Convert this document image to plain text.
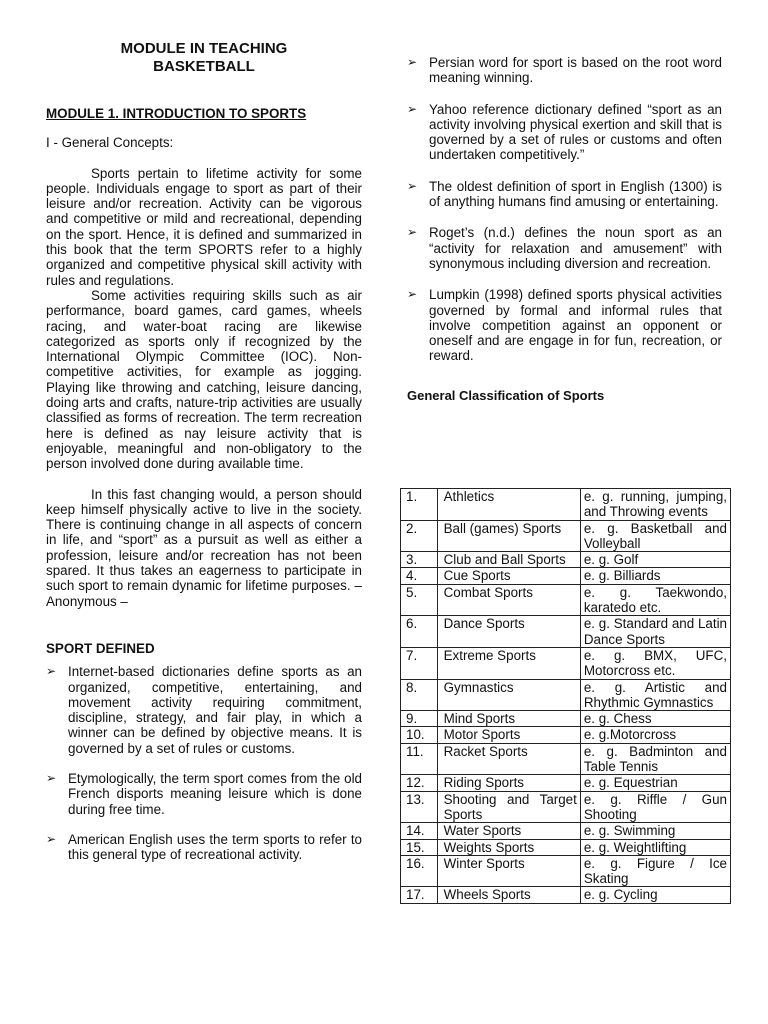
MODULE IN TEACHING
BASKETBALL

MODULE 1. INTRODUCTION TO SPORTS

I - General Concepts:

Sports pertain to lifetime activity for some people. Individuals engage to sport as part of their leisure and/or recreation. Activity can be vigorous and competitive or mild and recreational, depending on the sport. Hence, it is defined and summarized in this book that the term SPORTS refer to a highly organized and competitive physical skill activity with rules and regulations.

Some activities requiring skills such as air performance, board games, card games, wheels racing, and water-boat racing are likewise categorized as sports only if recognized by the International Olympic Committee (IOC). Non-competitive activities, for example as jogging. Playing like throwing and catching, leisure dancing, doing arts and crafts, nature-trip activities are usually classified as forms of recreation. The term recreation here is defined as nay leisure activity that is enjoyable, meaningful and non-obligatory to the person involved done during available time.

In this fast changing would, a person should keep himself physically active to live in the society. There is continuing change in all aspects of concern in life, and “sport” as a pursuit as well as either a profession, leisure and/or recreation has not been spared. It thus takes an eagerness to participate in such sport to remain dynamic for lifetime purposes. – Anonymous –

SPORT DEFINED

➢ Internet-based dictionaries define sports as an organized, competitive, entertaining, and movement activity requiring commitment, discipline, strategy, and fair play, in which a winner can be defined by objective means. It is governed by a set of rules or customs.
➢ Etymologically, the term sport comes from the old French disports meaning leisure which is done during free time.
➢ American English uses the term sports to refer to this general type of recreational activity.
➢ Persian word for sport is based on the root word meaning winning.
➢ Yahoo reference dictionary defined “sport as an activity involving physical exertion and skill that is governed by a set of rules or customs and often undertaken competitively.”
➢ The oldest definition of sport in English (1300) is of anything humans find amusing or entertaining.
➢ Roget’s (n.d.) defines the noun sport as an “activity for relaxation and amusement” with synonymous including diversion and recreation.
➢ Lumpkin (1998) defined sports physical activities governed by formal and informal rules that involve competition against an opponent or oneself and are engage in for fun, recreation, or reward.

General Classification of Sports

1.	Athletics	e. g. running, jumping, and Throwing events
2.	Ball (games) Sports	e. g. Basketball and Volleyball
3.	Club and Ball Sports	e. g. Golf
4.	Cue Sports	e. g. Billiards
5.	Combat Sports	e. g. Taekwondo, karatedo etc.
6.	Dance Sports	e. g. Standard and Latin Dance Sports
7.	Extreme Sports	e. g. BMX, UFC, Motorcross etc.
8.	Gymnastics	e. g. Artistic and Rhythmic Gymnastics
9.	Mind Sports	e. g. Chess
10.	Motor Sports	e. g.Motorcross
11.	Racket Sports	e. g. Badminton and Table Tennis
12.	Riding Sports	e. g. Equestrian
13.	Shooting and Target Sports	e. g. Riffle / Gun Shooting
14.	Water Sports	e. g. Swimming
15.	Weights Sports	e. g. Weightlifting
16.	Winter Sports	e. g. Figure / Ice Skating
17.	Wheels Sports	e. g. Cycling
